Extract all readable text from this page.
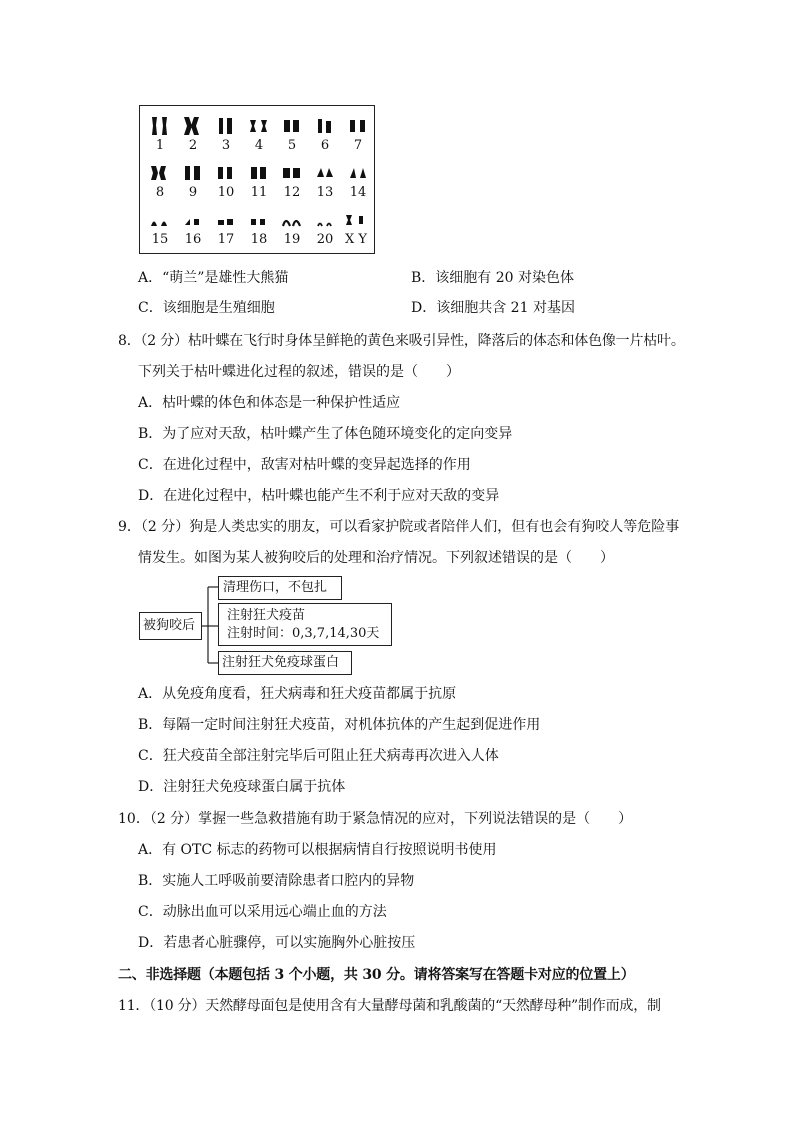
1	2	3	4	5	6	7
8	9	10	11	12	13	14
15	16	17	18	19	20 X Y
A．“萌兰”是雄性大熊猫	B．该细胞有 20 对染色体
C．该细胞是生殖细胞	D．该细胞共含 21 对基因
8．（2 分）枯叶蝶在飞行时身体呈鲜艳的黄色来吸引异性，降落后的体态和体色像一片枯叶。
下列关于枯叶蝶进化过程的叙述，错误的是（　　）
A．枯叶蝶的体色和体态是一种保护性适应
B．为了应对天敌，枯叶蝶产生了体色随环境变化的定向变异
C．在进化过程中，敌害对枯叶蝶的变异起选择的作用
D．在进化过程中，枯叶蝶也能产生不利于应对天敌的变异
9．（2 分）狗是人类忠实的朋友，可以看家护院或者陪伴人们，但有也会有狗咬人等危险事
情发生。如图为某人被狗咬后的处理和治疗情况。下列叙述错误的是（　　）
被狗咬后
清理伤口，不包扎
注射狂犬疫苗
注射时间：0,3,7,14,30天
注射狂犬免疫球蛋白
A．从免疫角度看，狂犬病毒和狂犬疫苗都属于抗原
B．每隔一定时间注射狂犬疫苗，对机体抗体的产生起到促进作用
C．狂犬疫苗全部注射完毕后可阻止狂犬病毒再次进入人体
D．注射狂犬免疫球蛋白属于抗体
10．（2 分）掌握一些急救措施有助于紧急情况的应对，下列说法错误的是（　　）
A．有 OTC 标志的药物可以根据病情自行按照说明书使用
B．实施人工呼吸前要清除患者口腔内的异物
C．动脉出血可以采用远心端止血的方法
D．若患者心脏骤停，可以实施胸外心脏按压
二、非选择题（本题包括 3 个小题，共 30 分。请将答案写在答题卡对应的位置上）
11．（10 分）天然酵母面包是使用含有大量酵母菌和乳酸菌的“天然酵母种”制作而成，制
